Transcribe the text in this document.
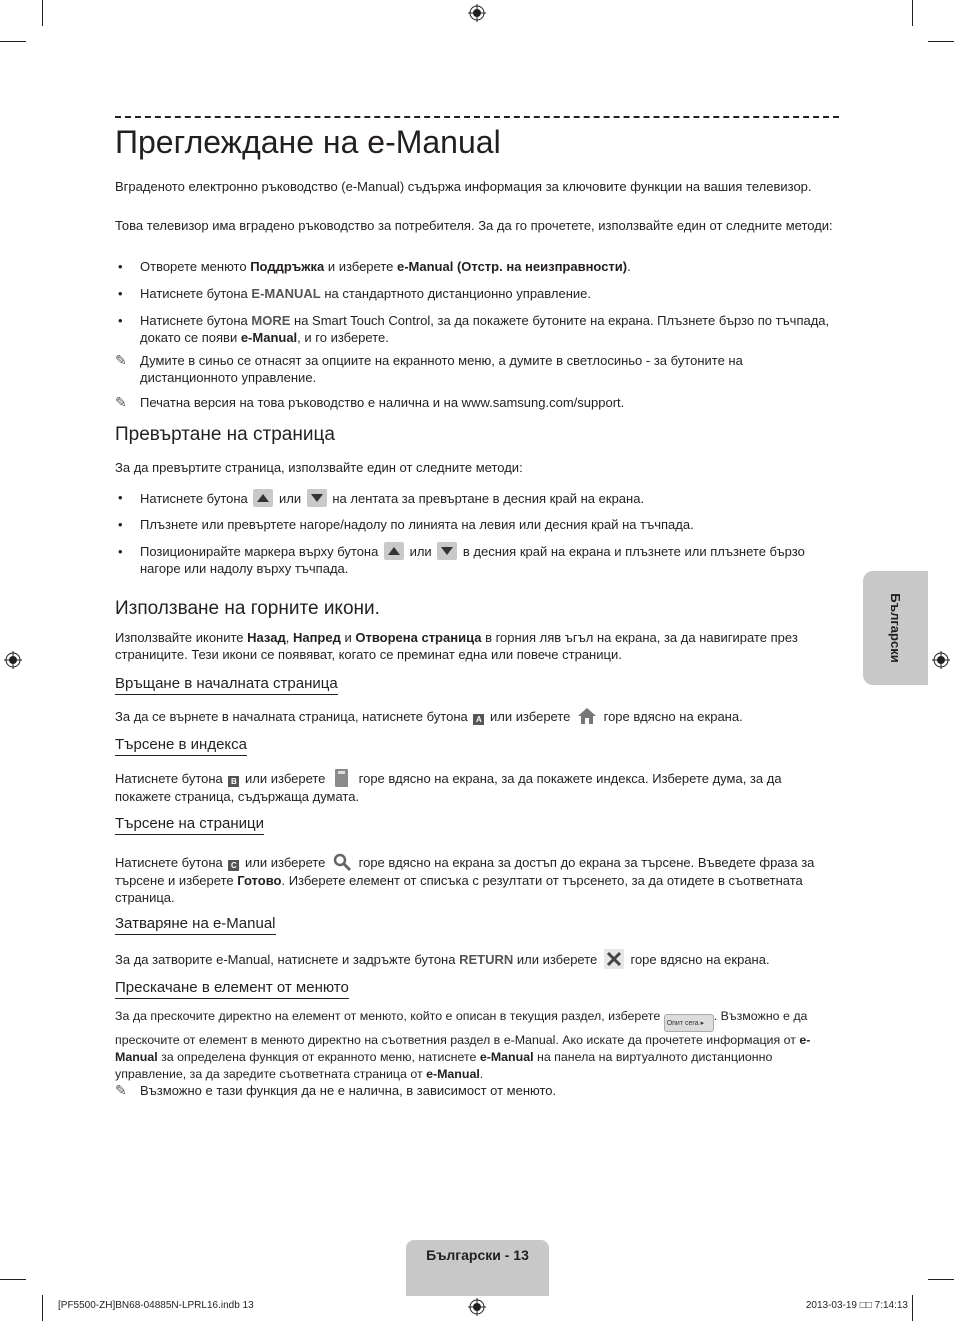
Преглеждане на e-Manual
Вграденото електронно ръководство (e-Manual) съдържа информация за ключовите функции на вашия телевизор.
Това телевизор има вградено ръководство за потребителя. За да го прочетете, използвайте един от следните методи:
• Отворете менюто Поддръжка и изберете e-Manual (Отстр. на неизправности).
• Натиснете бутона E-MANUAL на стандартното дистанционно управление.
• Натиснете бутона MORE на Smart Touch Control, за да покажете бутоните на екрана. Плъзнете бързо по тъчпада, докато се появи e-Manual, и го изберете.
✎ Думите в синьо се отнасят за опциите на екранното меню, а думите в светлосиньо - за бутоните на дистанционното управление.
✎ Печатна версия на това ръководство е налична и на www.samsung.com/support.
Превъртане на страница
За да превъртите страница, използвайте един от следните методи:
• Натиснете бутона
или
на лентата за превъртане в десния край на екрана.
• Плъзнете или превъртете нагоре/надолу по линията на левия или десния край на тъчпада.
• Позиционирайте маркера върху бутона
или
в десния край на екрана и плъзнете или плъзнете бързо нагоре или надолу върху тъчпада.
Използване на горните икони.
Използвайте иконите Назад, Напред и Отворена страница в горния ляв ъгъл на екрана, за да навигирате през страниците. Тези икони се появяват, когато се преминат една или повече страници.
Връщане в началната страница
За да се върнете в началната страница, натиснете бутона A или изберете  горе вдясно на екрана.
Търсене в индекса
Натиснете бутона B или изберете  горе вдясно на екрана, за да покажете индекса. Изберете дума, за да покажете страница, съдържаща думата.
Търсене на страници
Натиснете бутона C или изберете  горе вдясно на екрана за достъп до екрана за търсене. Въведете фраза за търсене и изберете Готово. Изберете елемент от списъка с резултати от търсенето, за да отидете в съответната страница.
Затваряне на e-Manual
За да затворите e-Manual, натиснете и задръжте бутона RETURN или изберете  горе вдясно на екрана.
Прескачане в елемент от менюто
За да прескочите директно на елемент от менюто, който е описан в текущия раздел, изберете Опит сега ▸. Възможно е да прескочите от елемент в менюто директно на съответния раздел в e-Manual. Ако искате да прочетете информация от e-Manual за определена функция от екранното меню, натиснете e-Manual на панела на виртуалното дистанционно управление, за да заредите съответната страница от e-Manual.
✎ Възможно е тази функция да не е налична, в зависимост от менюто.
Български
Български - 13
[PF5500-ZH]BN68-04885N-LPRL16.indb 13	2013-03-19 □□ 7:14:13
